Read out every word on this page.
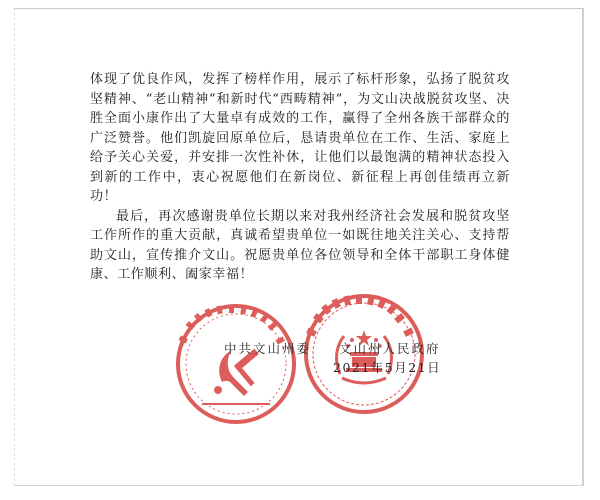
体现了优良作风，发挥了榜样作用，展示了标杆形象，弘扬了脱贫攻坚精神、“老山精神”和新时代“西畴精神”，为文山决战脱贫攻坚、决胜全面小康作出了大量卓有成效的工作，赢得了全州各族干部群众的广泛赞誉。他们凯旋回原单位后，恳请贵单位在工作、生活、家庭上给予关心关爱，并安排一次性补休，让他们以最饱满的精神状态投入到新的工作中，衷心祝愿他们在新岗位、新征程上再创佳绩再立新功！

最后，再次感谢贵单位长期以来对我州经济社会发展和脱贫攻坚工作所作的重大贡献，真诚希望贵单位一如既往地关注关心、支持帮助文山，宣传推介文山。祝愿贵单位各位领导和全体干部职工身体健康、工作顺利、阖家幸福！

中共文山州委 文山州人民政府
2021年5月21日
